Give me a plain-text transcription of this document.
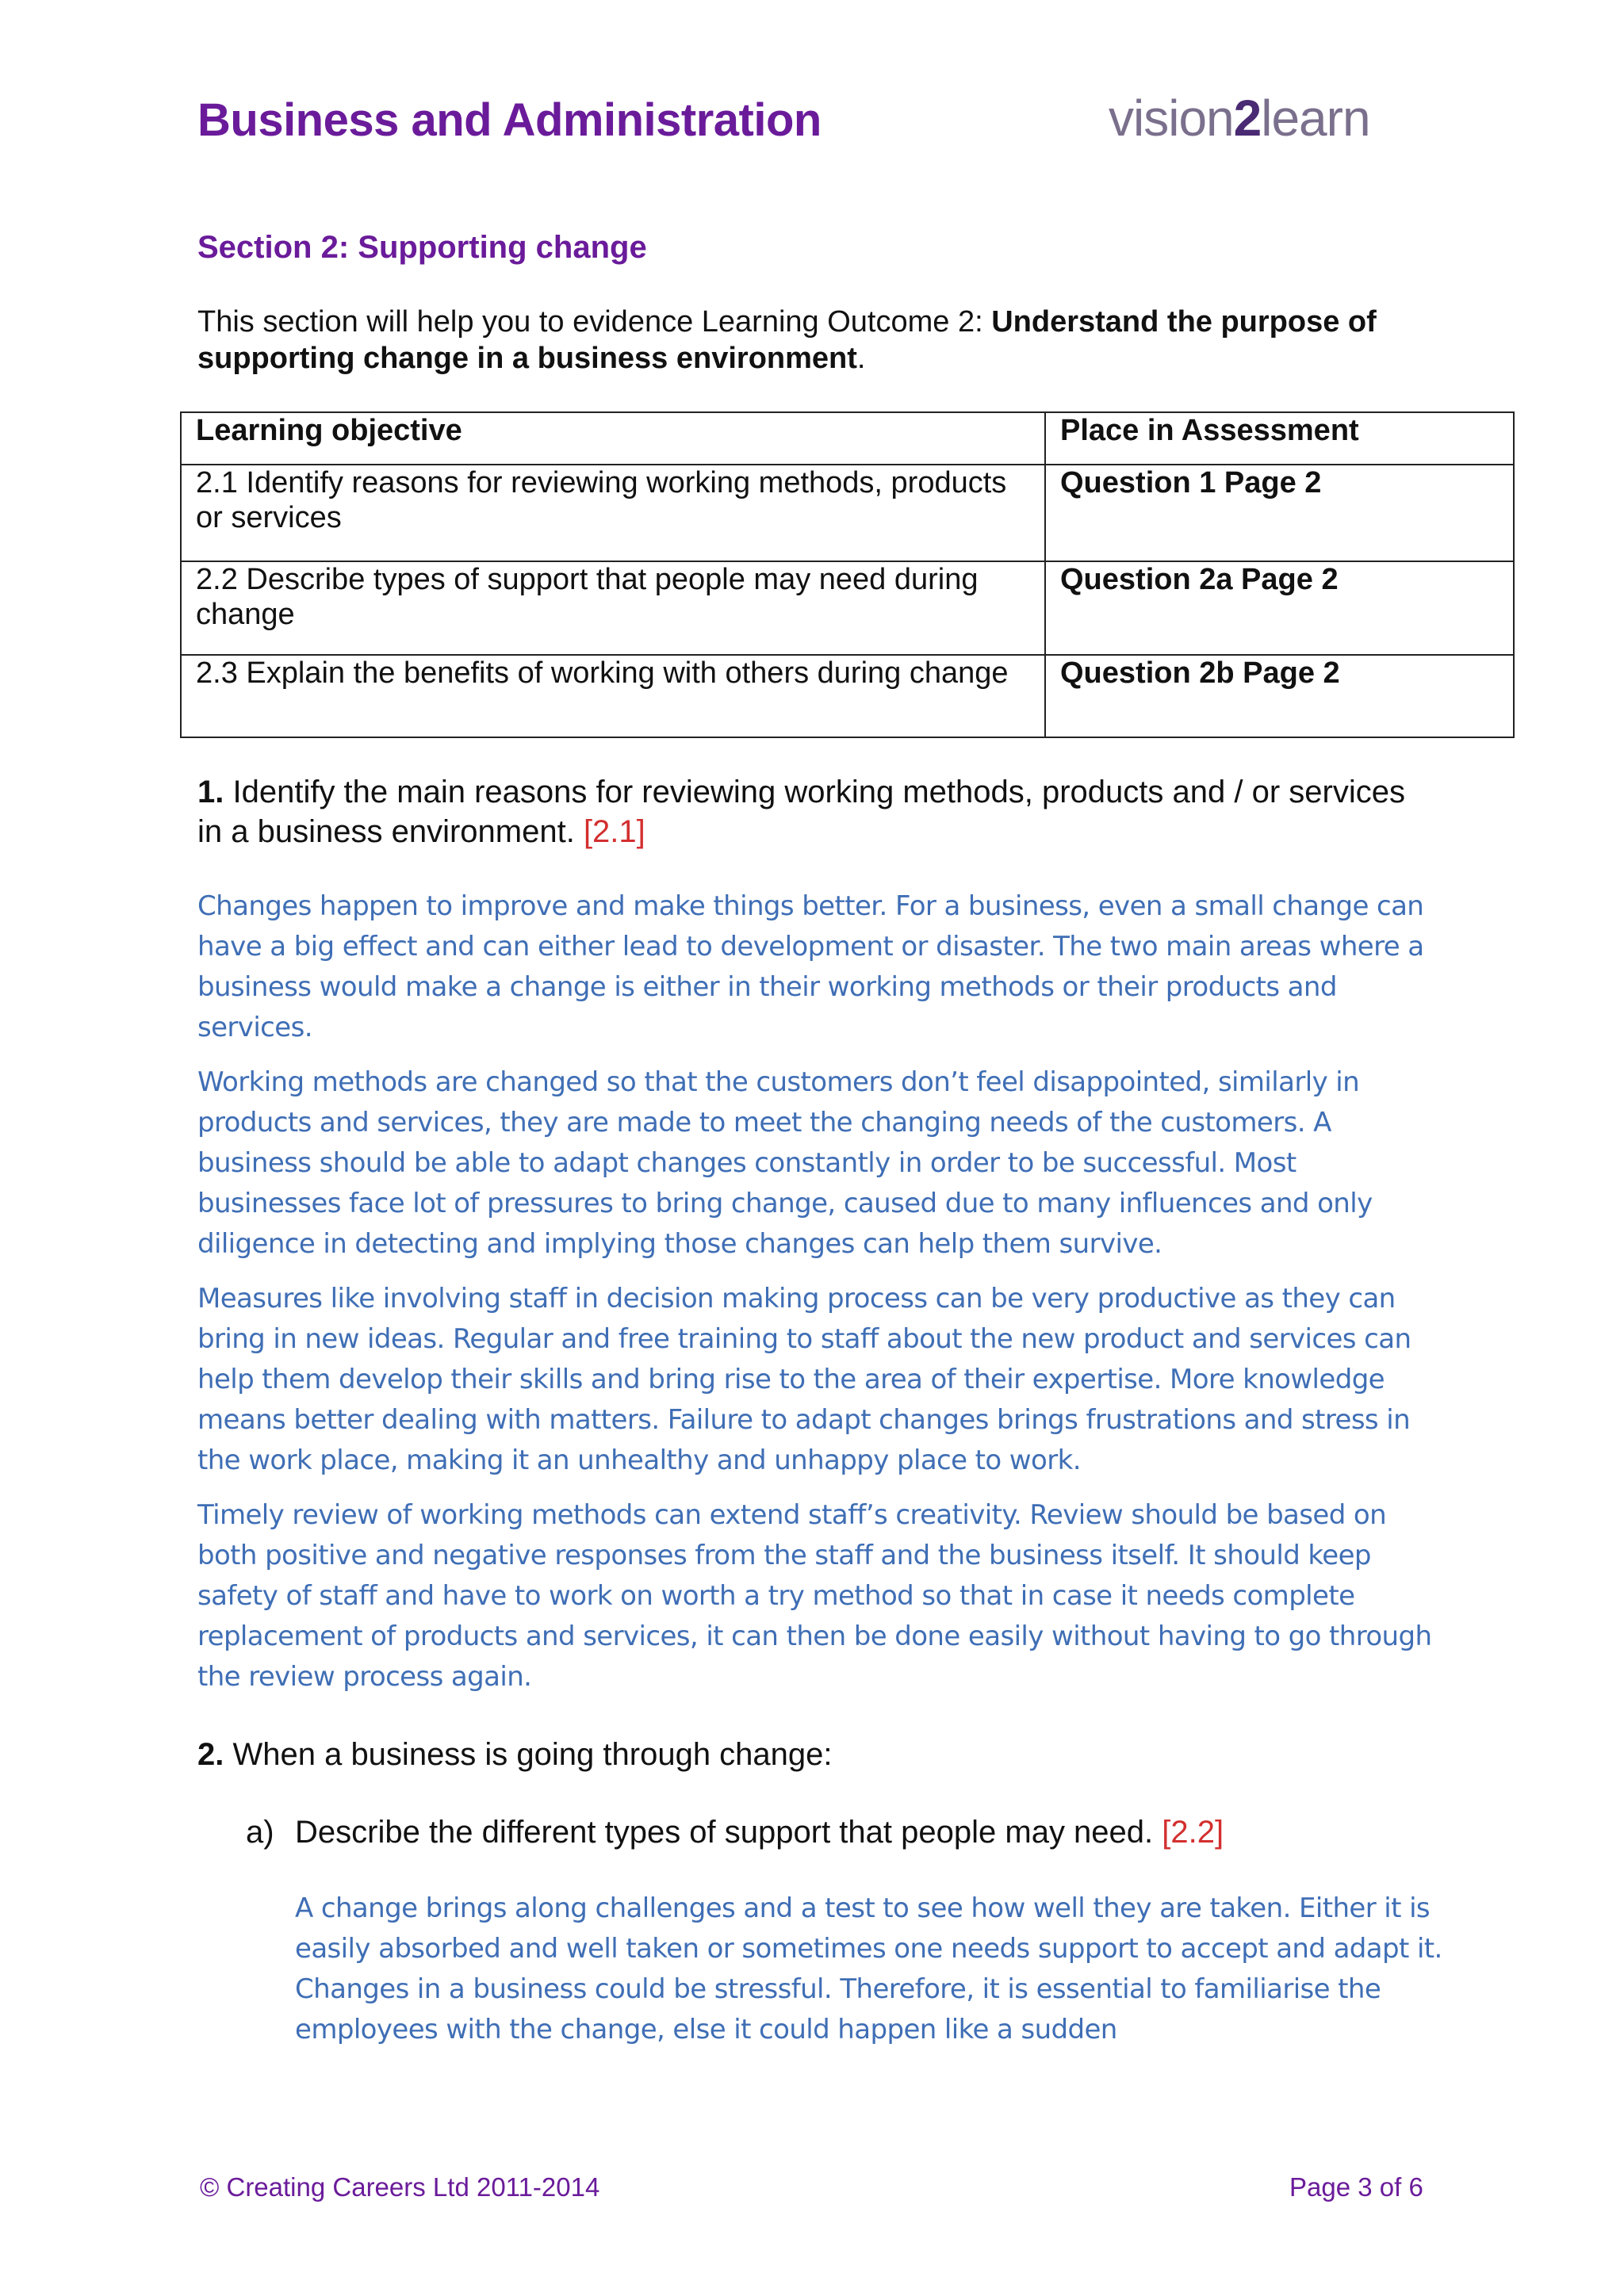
Business and Administration	vision2learn
Section 2: Supporting change
This section will help you to evidence Learning Outcome 2: Understand the purpose of supporting change in a business environment.
Learning objective	Place in Assessment
2.1 Identify reasons for reviewing working methods, products or services	Question 1 Page 2
2.2 Describe types of support that people may need during change	Question 2a Page 2
2.3 Explain the benefits of working with others during change	Question 2b Page 2
1. Identify the main reasons for reviewing working methods, products and / or services in a business environment. [2.1]

Changes happen to improve and make things better. For a business, even a small change can have a big effect and can either lead to development or disaster. The two main areas where a business would make a change is either in their working methods or their products and services.

Working methods are changed so that the customers don’t feel disappointed, similarly in products and services, they are made to meet the changing needs of the customers. A business should be able to adapt changes constantly in order to be successful. Most businesses face lot of pressures to bring change, caused due to many influences and only diligence in detecting and implying those changes can help them survive.

Measures like involving staff in decision making process can be very productive as they can bring in new ideas. Regular and free training to staff about the new product and services can help them develop their skills and bring rise to the area of their expertise. More knowledge means better dealing with matters. Failure to adapt changes brings frustrations and stress in the work place, making it an unhealthy and unhappy place to work.

Timely review of working methods can extend staff’s creativity. Review should be based on both positive and negative responses from the staff and the business itself. It should keep safety of staff and have to work on worth a try method so that in case it needs complete replacement of products and services, it can then be done easily without having to go through the review process again.

2. When a business is going through change:
a) Describe the different types of support that people may need. [2.2]

A change brings along challenges and a test to see how well they are taken. Either it is easily absorbed and well taken or sometimes one needs support to accept and adapt it. Changes in a business could be stressful. Therefore, it is essential to familiarise the employees with the change, else it could happen like a sudden

© Creating Careers Ltd 2011-2014	Page 3 of 6
